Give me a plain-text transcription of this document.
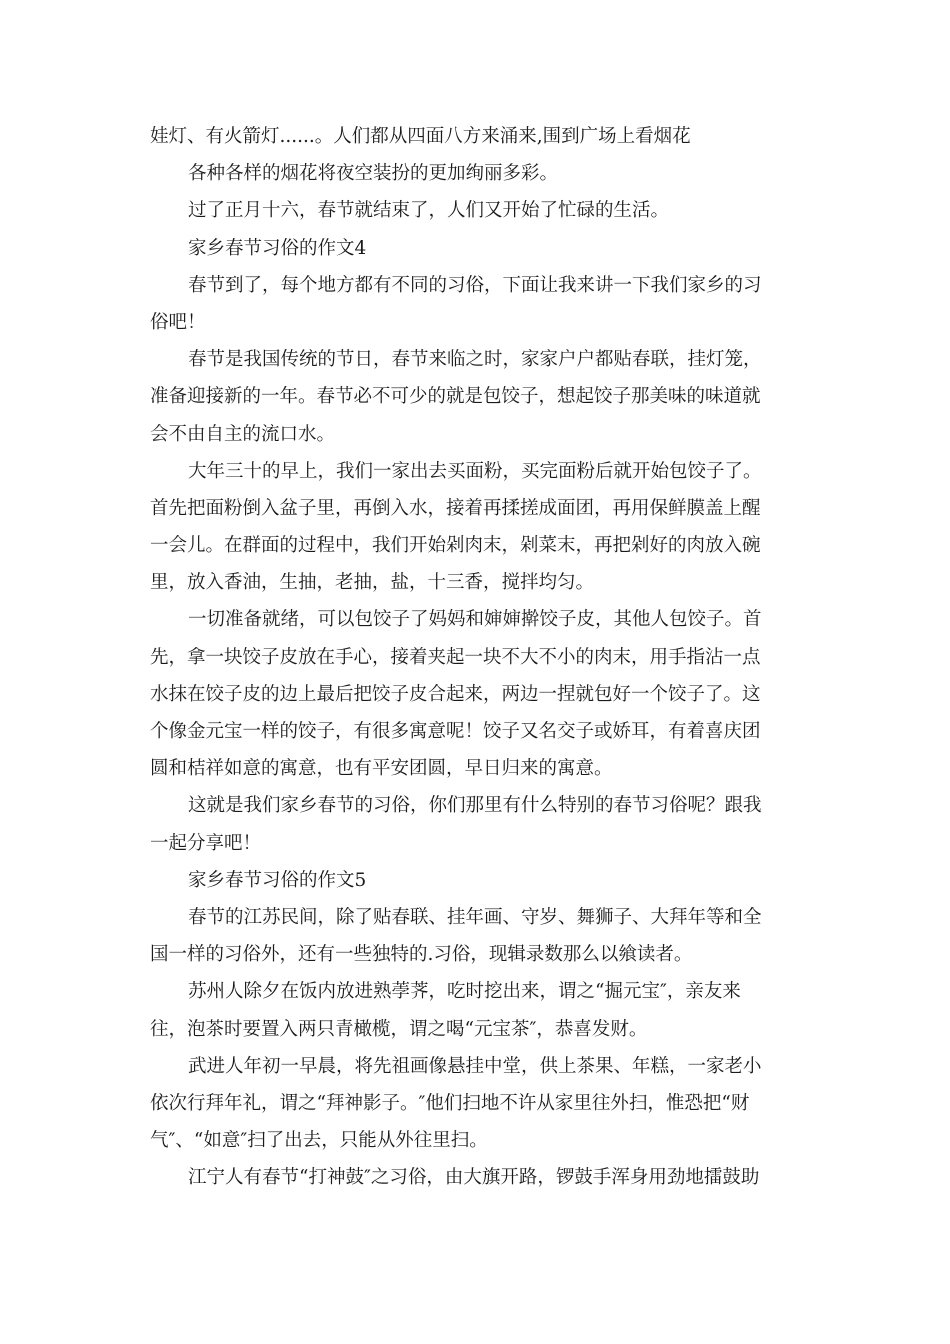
娃灯、有火箭灯......。人们都从四面八方来涌来,围到广场上看烟花
各种各样的烟花将夜空装扮的更加绚丽多彩。
过了正月十六，春节就结束了，人们又开始了忙碌的生活。
家乡春节习俗的作文4
春节到了，每个地方都有不同的习俗，下面让我来讲一下我们家乡的习
俗吧！
春节是我国传统的节日，春节来临之时，家家户户都贴春联，挂灯笼，
准备迎接新的一年。春节必不可少的就是包饺子，想起饺子那美味的味道就
会不由自主的流口水。
大年三十的早上，我们一家出去买面粉，买完面粉后就开始包饺子了。
首先把面粉倒入盆子里，再倒入水，接着再揉搓成面团，再用保鲜膜盖上醒
一会儿。在群面的过程中，我们开始剁肉末，剁菜末，再把剁好的肉放入碗
里，放入香油，生抽，老抽，盐，十三香，搅拌均匀。
一切准备就绪，可以包饺子了妈妈和婶婶擀饺子皮，其他人包饺子。首
先，拿一块饺子皮放在手心，接着夹起一块不大不小的肉末，用手指沾一点
水抹在饺子皮的边上最后把饺子皮合起来，两边一捏就包好一个饺子了。这
个像金元宝一样的饺子，有很多寓意呢！饺子又名交子或娇耳，有着喜庆团
圆和桔祥如意的寓意，也有平安团圆，早日归来的寓意。
这就是我们家乡春节的习俗，你们那里有什么特别的春节习俗呢？跟我
一起分享吧！
家乡春节习俗的作文5
春节的江苏民间，除了贴春联、挂年画、守岁、舞狮子、大拜年等和全
国一样的习俗外，还有一些独特的.习俗，现辑录数那么以飨读者。
苏州人除夕在饭内放进熟荸荠，吃时挖出来，谓之“掘元宝″，亲友来
往，泡茶时要置入两只青橄榄，谓之喝“元宝茶″，恭喜发财。
武进人年初一早晨，将先祖画像悬挂中堂，供上茶果、年糕，一家老小
依次行拜年礼，谓之“拜神影子。″他们扫地不许从家里往外扫，惟恐把“财
气″、“如意″扫了出去，只能从外往里扫。
江宁人有春节“打神鼓″之习俗，由大旗开路，锣鼓手浑身用劲地擂鼓助
